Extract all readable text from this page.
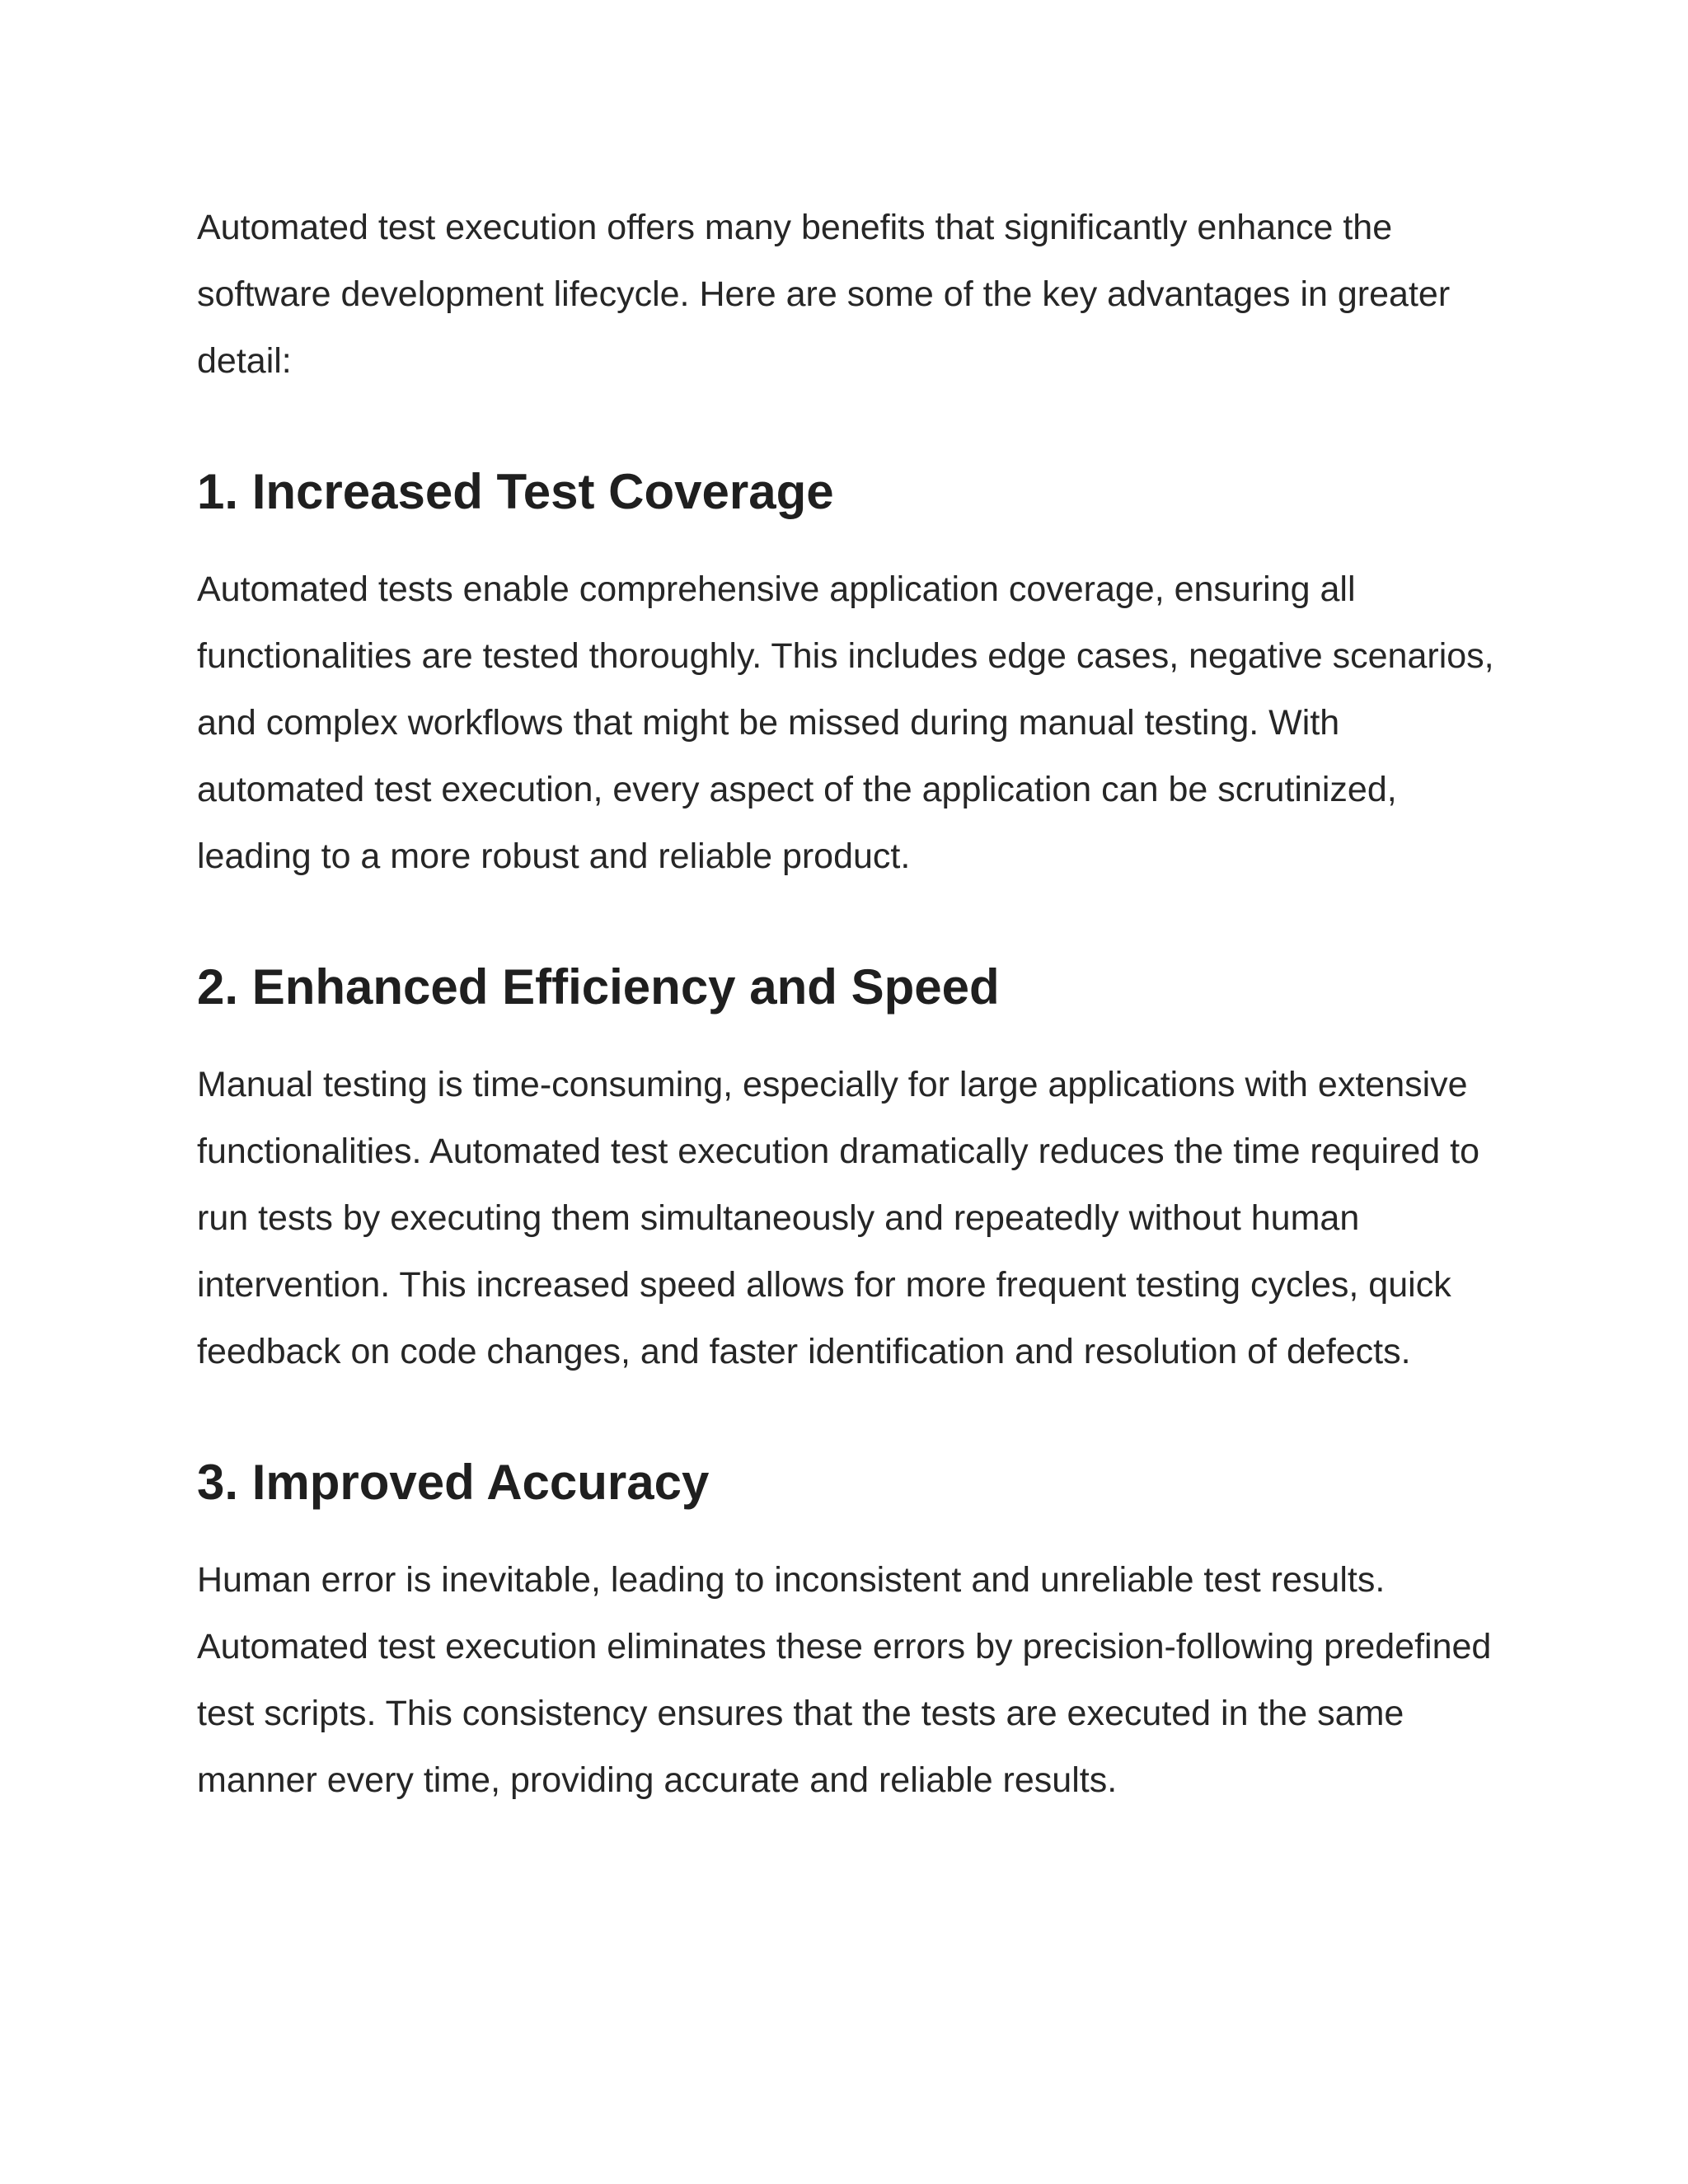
Automated test execution offers many benefits that significantly enhance the software development lifecycle. Here are some of the key advantages in greater detail:

1. Increased Test Coverage

Automated tests enable comprehensive application coverage, ensuring all functionalities are tested thoroughly. This includes edge cases, negative scenarios, and complex workflows that might be missed during manual testing. With automated test execution, every aspect of the application can be scrutinized, leading to a more robust and reliable product.

2. Enhanced Efficiency and Speed

Manual testing is time-consuming, especially for large applications with extensive functionalities. Automated test execution dramatically reduces the time required to run tests by executing them simultaneously and repeatedly without human intervention. This increased speed allows for more frequent testing cycles, quick feedback on code changes, and faster identification and resolution of defects.

3. Improved Accuracy

Human error is inevitable, leading to inconsistent and unreliable test results. Automated test execution eliminates these errors by precision-following predefined test scripts. This consistency ensures that the tests are executed in the same manner every time, providing accurate and reliable results.
